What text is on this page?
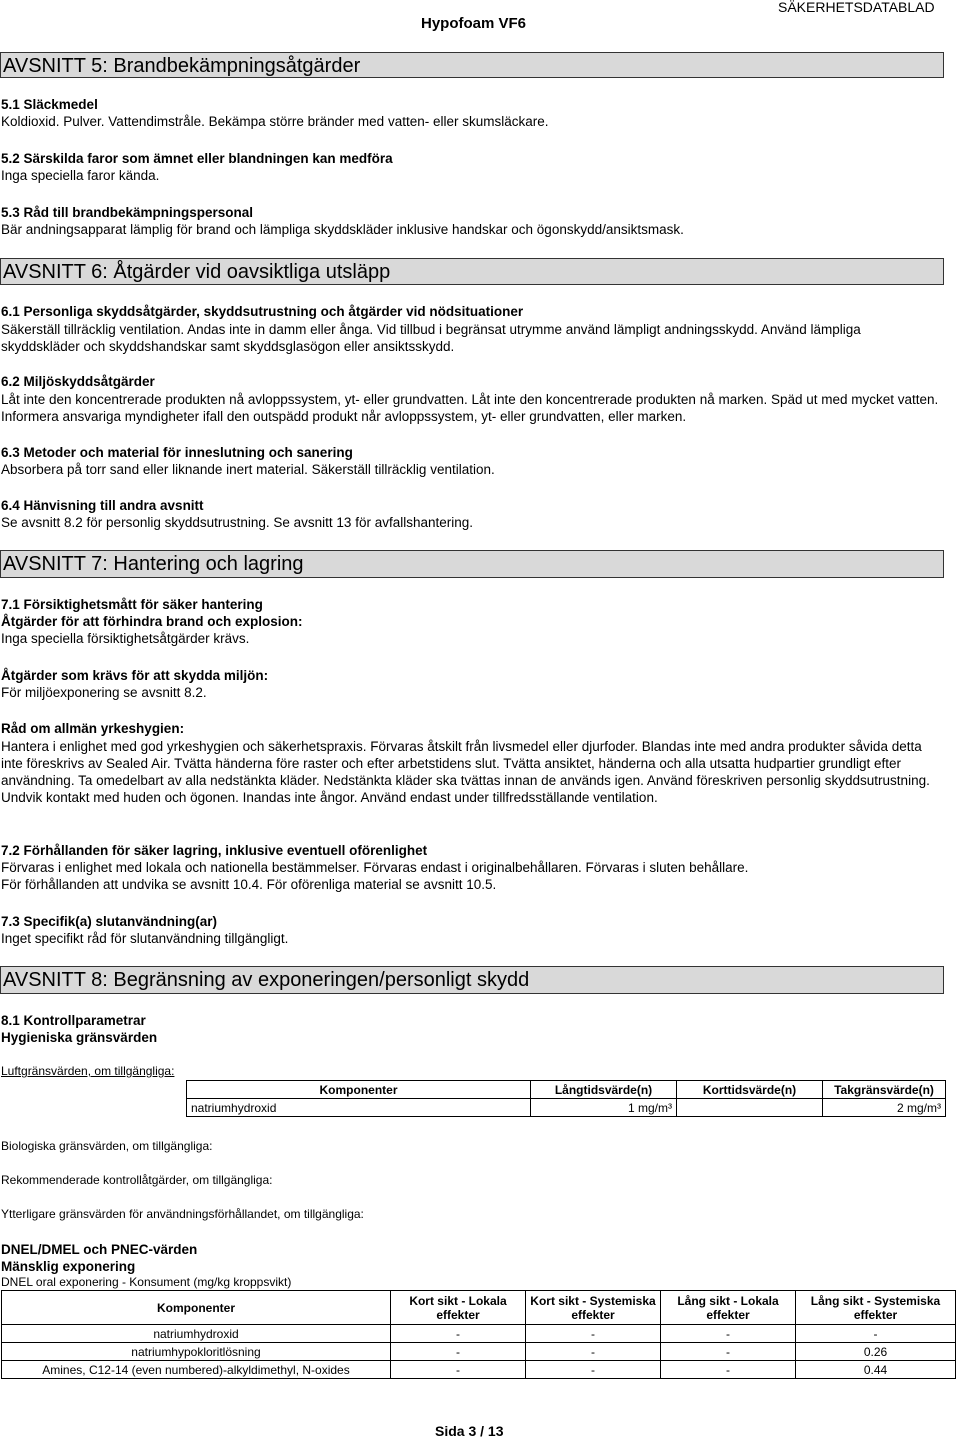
Hypofoam VF6
SÄKERHETSDATABLAD
AVSNITT 5: Brandbekämpningsåtgärder
5.1 Släckmedel
Koldioxid. Pulver. Vattendimstråle. Bekämpa större bränder med vatten- eller skumsläckare.
5.2 Särskilda faror som ämnet eller blandningen kan medföra
Inga speciella faror kända.
5.3 Råd till brandbekämpningspersonal
Bär andningsapparat lämplig för brand och lämpliga skyddskläder inklusive handskar och ögonskydd/ansiktsmask.
AVSNITT 6: Åtgärder vid oavsiktliga utsläpp
6.1 Personliga skyddsåtgärder, skyddsutrustning och åtgärder vid nödsituationer
Säkerställ tillräcklig ventilation. Andas inte in damm eller ånga. Vid tillbud i begränsat utrymme använd lämpligt andningsskydd. Använd lämpliga skyddskläder och skyddshandskar samt skyddsglasögon eller ansiktsskydd.
6.2 Miljöskyddsåtgärder
Låt inte den koncentrerade produkten nå avloppssystem, yt- eller grundvatten. Låt inte den koncentrerade produkten nå marken. Späd ut med mycket vatten. Informera ansvariga myndigheter ifall den outspädd produkt når avloppssystem, yt- eller grundvatten, eller marken.
6.3 Metoder och material för inneslutning och sanering
Absorbera på torr sand eller liknande inert material. Säkerställ tillräcklig ventilation.
6.4 Hänvisning till andra avsnitt
Se avsnitt 8.2 för personlig skyddsutrustning. Se avsnitt 13 för avfallshantering.
AVSNITT 7: Hantering och lagring
7.1 Försiktighetsmått för säker hantering
Åtgärder för att förhindra brand och explosion:
Inga speciella försiktighetsåtgärder krävs.
Åtgärder som krävs för att skydda miljön:
För miljöexponering se avsnitt 8.2.
Råd om allmän yrkeshygien:
Hantera i enlighet med god yrkeshygien och säkerhetspraxis. Förvaras åtskilt från livsmedel eller djurfoder. Blandas inte med andra produkter såvida detta inte föreskrivs av Sealed Air. Tvätta händerna före raster och efter arbetstidens slut. Tvätta ansiktet, händerna och alla utsatta hudpartier grundligt efter användning. Ta omedelbart av alla nedstänkta kläder. Nedstänkta kläder ska tvättas innan de används igen. Använd föreskriven personlig skyddsutrustning. Undvik kontakt med huden och ögonen. Inandas inte ångor. Använd endast under tillfredsställande ventilation.
7.2 Förhållanden för säker lagring, inklusive eventuell oförenlighet
Förvaras i enlighet med lokala och nationella bestämmelser. Förvaras endast i originalbehållaren. Förvaras i sluten behållare.
För förhållanden att undvika se avsnitt 10.4. För oförenliga material se avsnitt 10.5.
7.3 Specifik(a) slutanvändning(ar)
Inget specifikt råd för slutanvändning tillgängligt.
AVSNITT 8: Begränsning av exponeringen/personligt skydd
8.1 Kontrollparametrar
Hygieniska gränsvärden
Luftgränsvärden, om tillgängliga:
Komponenter	Långtidsvärde(n)	Korttidsvärde(n)	Takgränsvärde(n)
natriumhydroxid	1 mg/m³		2 mg/m³
Biologiska gränsvärden, om tillgängliga:
Rekommenderade kontrollåtgärder, om tillgängliga:
Ytterligare gränsvärden för användningsförhållandet, om tillgängliga:
DNEL/DMEL och PNEC-värden
Mänsklig exponering
DNEL oral exponering - Konsument (mg/kg kroppsvikt)
Komponenter	Kort sikt - Lokala effekter	Kort sikt - Systemiska effekter	Lång sikt - Lokala effekter	Lång sikt - Systemiska effekter
natriumhydroxid	-	-	-	-
natriumhypokloritlösning	-	-	-	0.26
Amines, C12-14 (even numbered)-alkyldimethyl, N-oxides	-	-	-	0.44
Sida 3 / 13
